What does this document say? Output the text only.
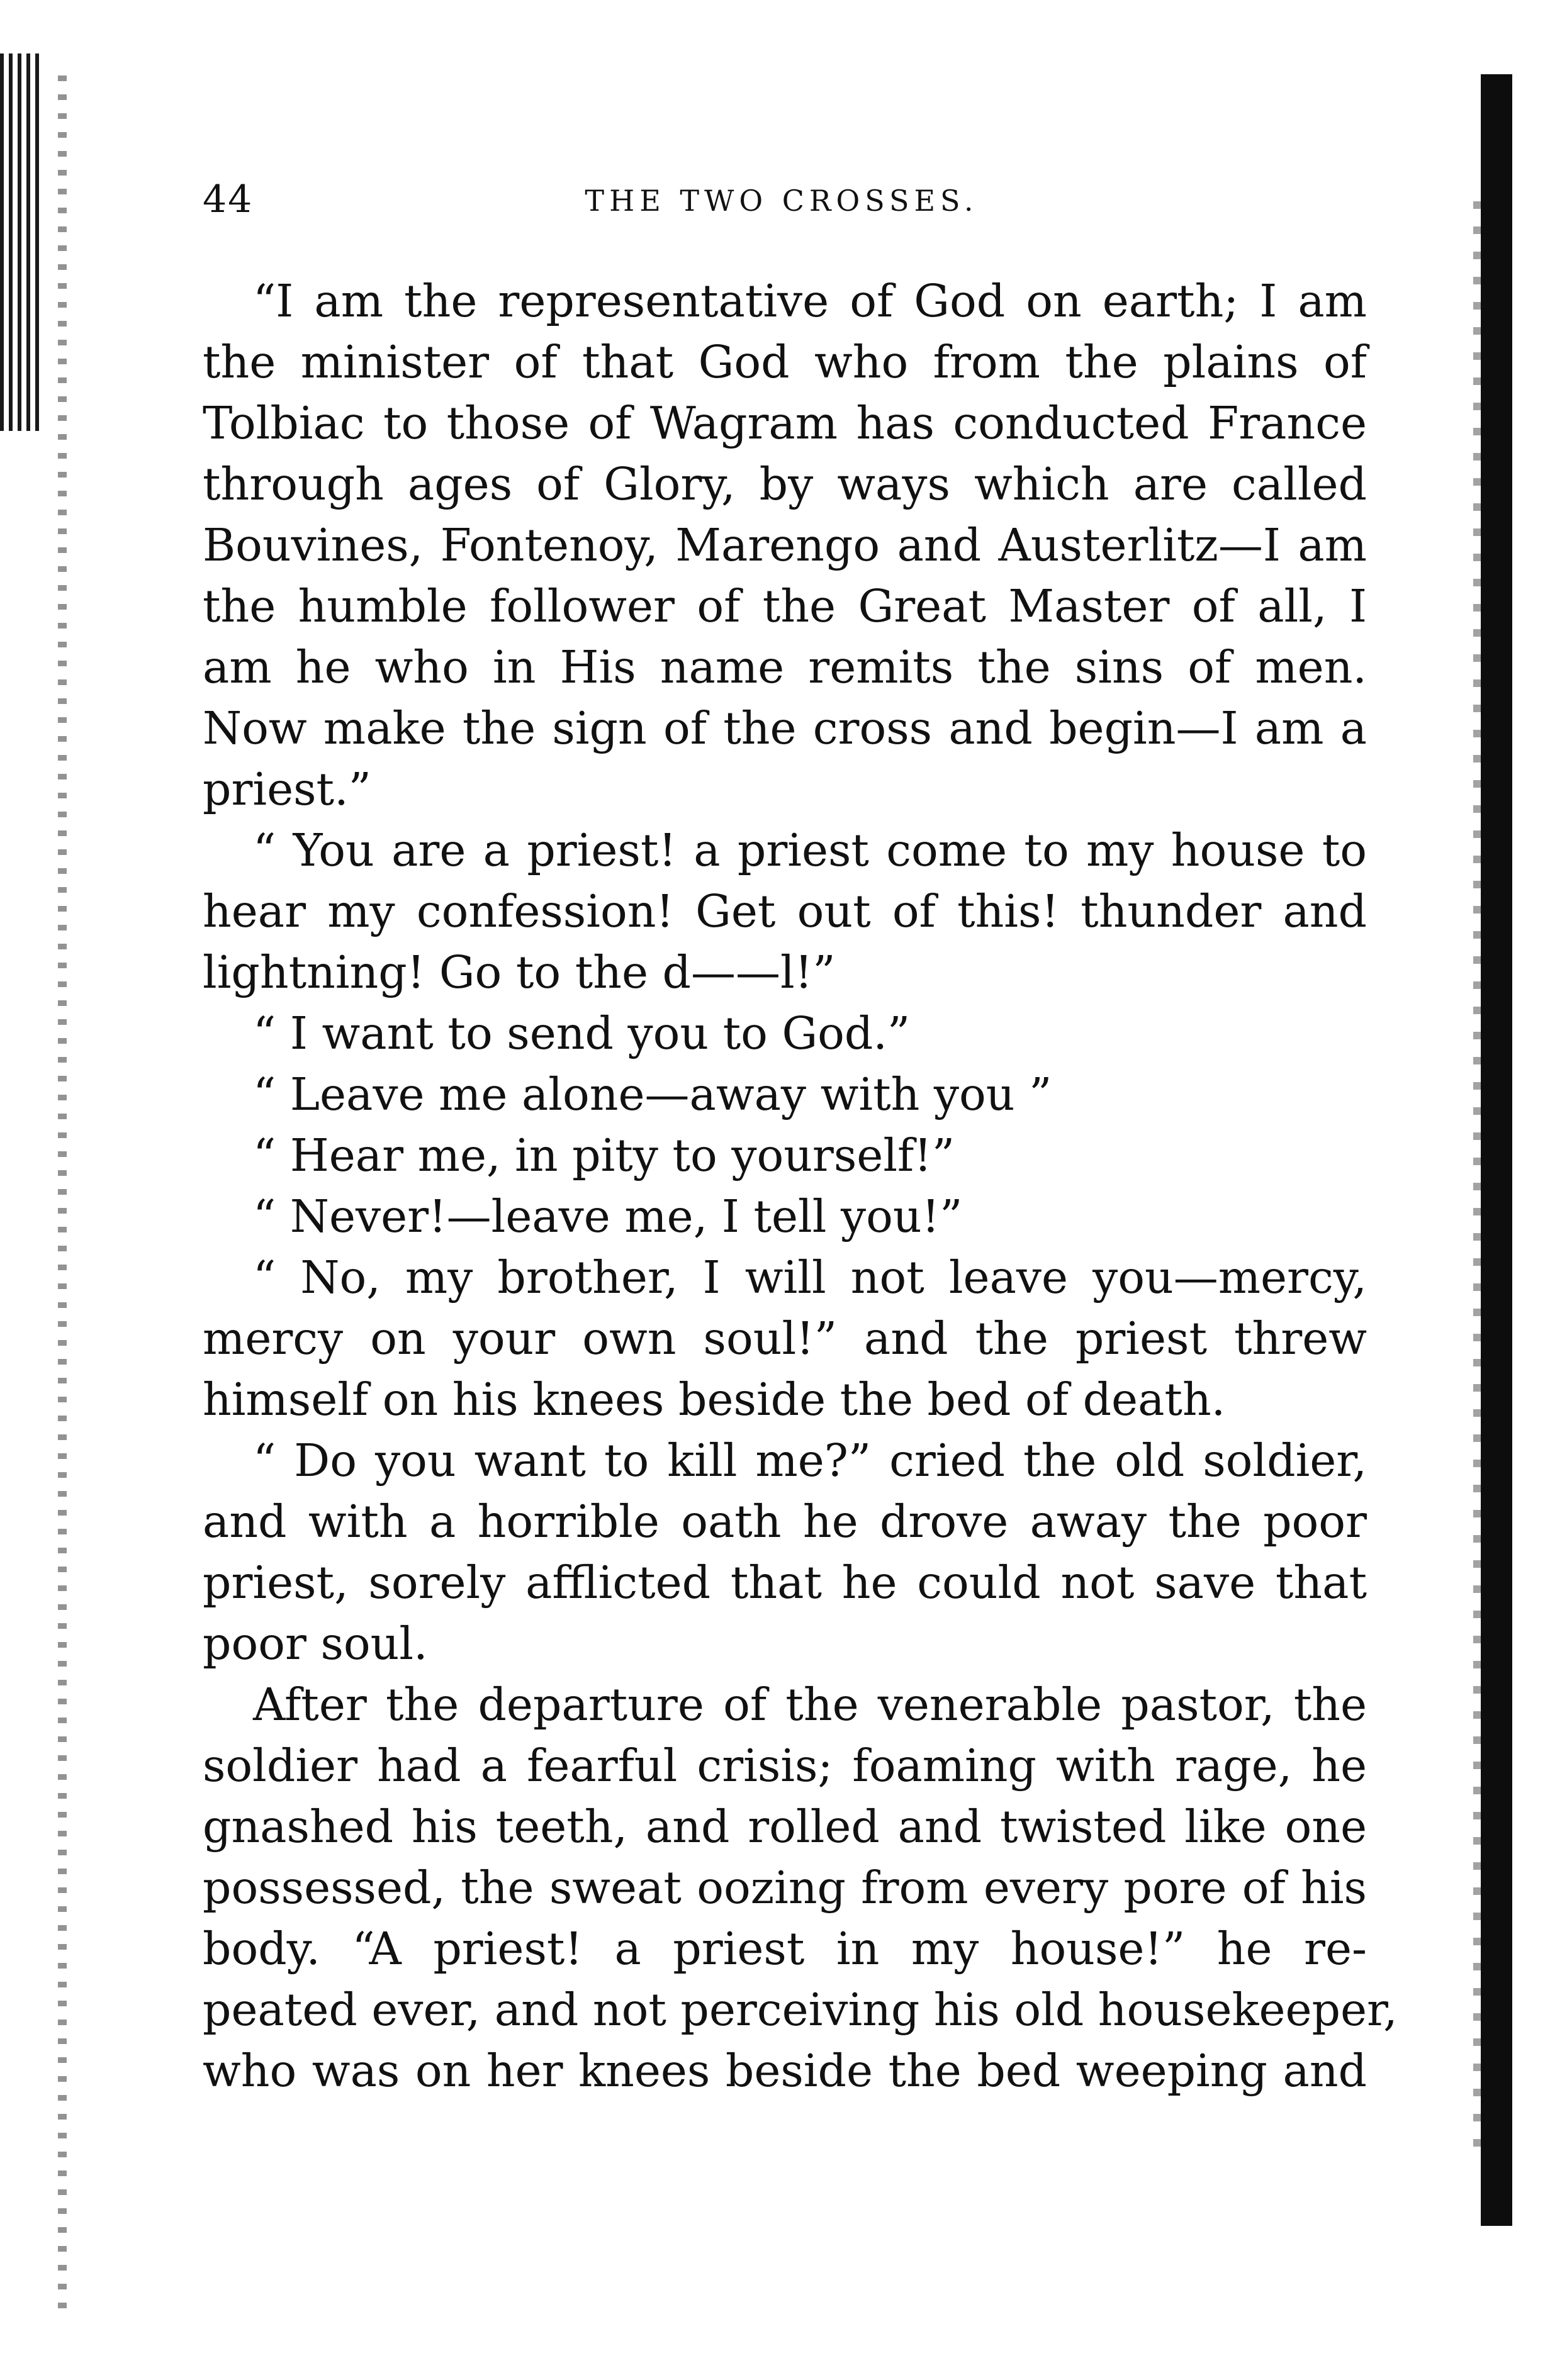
44	THE TWO CROSSES.
“I am the representative of God on earth; I am
the minister of that God who from the plains of
Tolbiac to those of Wagram has conducted France
through ages of Glory, by ways which are called
Bouvines, Fontenoy, Marengo and Austerlitz—I am
the humble follower of the Great Master of all, I
am he who in His name remits the sins of men.
Now make the sign of the cross and begin—I am a
priest.”
“ You are a priest! a priest come to my house to
hear my confession! Get out of this! thunder and
lightning! Go to the d——l!”
“ I want to send you to God.”
“ Leave me alone—away with you ”
“ Hear me, in pity to yourself!”
“ Never!—leave me, I tell you!”
“ No, my brother, I will not leave you—mercy,
mercy on your own soul!” and the priest threw
himself on his knees beside the bed of death.
“ Do you want to kill me?” cried the old soldier,
and with a horrible oath he drove away the poor
priest, sorely afflicted that he could not save that
poor soul.
After the departure of the venerable pastor, the
soldier had a fearful crisis; foaming with rage, he
gnashed his teeth, and rolled and twisted like one
possessed, the sweat oozing from every pore of his
body. “A priest! a priest in my house!” he re-
peated ever, and not perceiving his old housekeeper,
who was on her knees beside the bed weeping and
